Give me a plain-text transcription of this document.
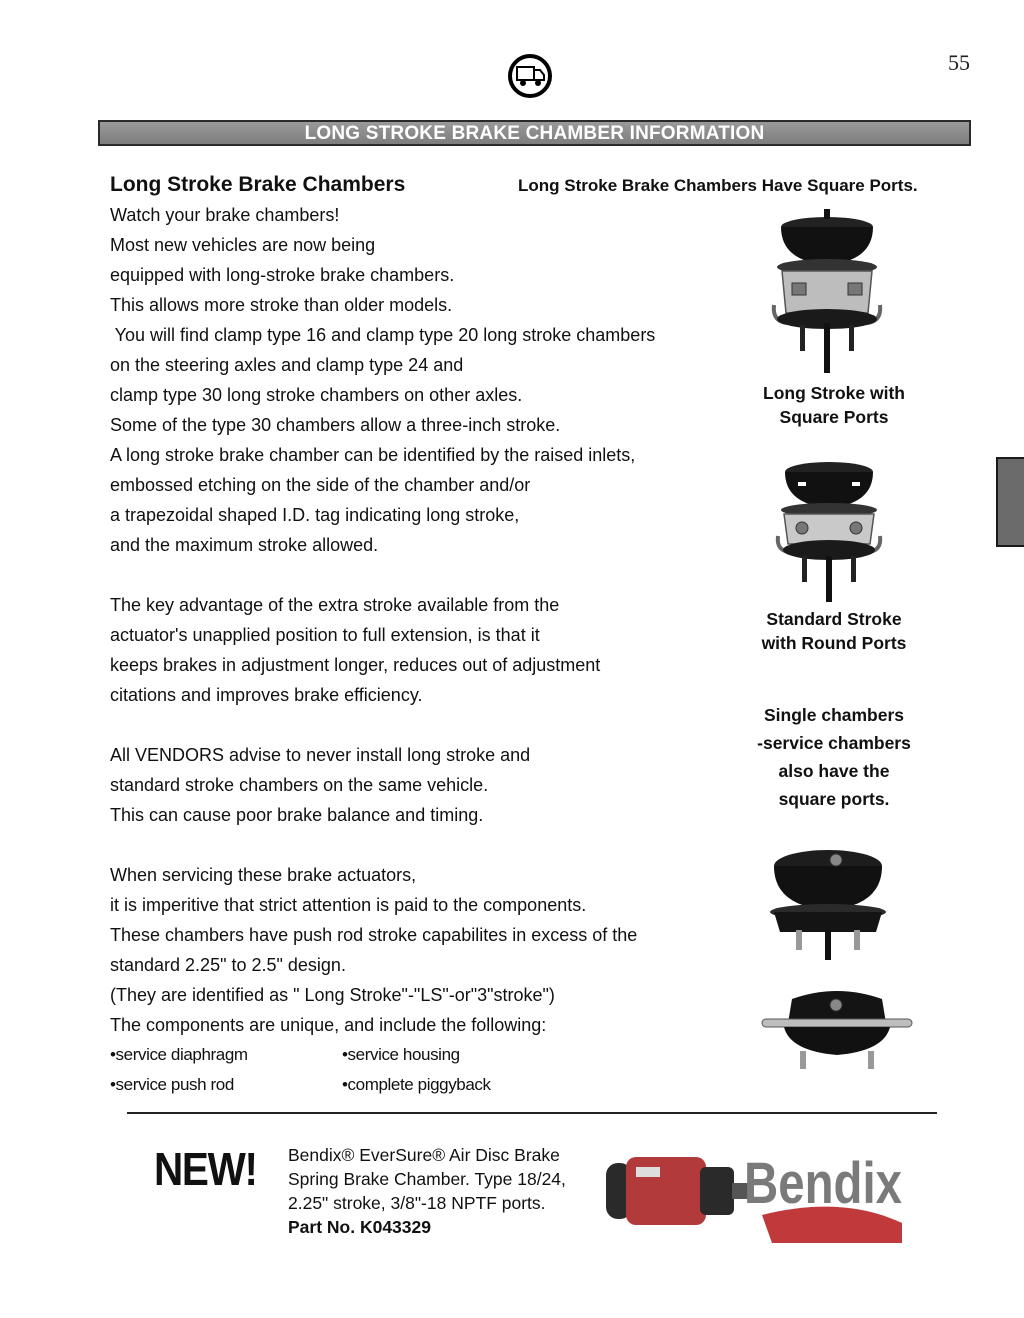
55
LONG STROKE BRAKE CHAMBER INFORMATION
Long Stroke Brake Chambers
Watch your brake chambers!
Most new vehicles are now being
equipped with long-stroke brake chambers.
This allows more stroke than older models.
You will find clamp type 16 and clamp type 20 long stroke chambers
on the steering axles and clamp type 24 and
clamp type 30 long stroke chambers on other axles.
Some of the type 30 chambers allow a three-inch stroke.
A long stroke brake chamber can be identified by the raised inlets,
embossed etching on the side of the chamber and/or
a trapezoidal shaped I.D. tag indicating long stroke,
and the maximum stroke allowed.
The key advantage of the extra stroke available from the
actuator's unapplied position to full extension, is that it
keeps brakes in adjustment longer, reduces out of adjustment
citations and improves brake efficiency.
All VENDORS advise to never install long stroke and
standard stroke chambers on the same vehicle.
This can cause poor brake balance and timing.
When servicing these brake actuators,
it is imperitive that strict attention is paid to the components.
These chambers have push rod stroke capabilites in excess of the
standard 2.25" to 2.5" design.
(They are identified as " Long Stroke"-"LS"-or"3"stroke")
The components are unique, and include the following:
•service diaphragm	•service housing
•service push rod	•complete piggyback
Long Stroke Brake Chambers Have Square Ports.
Long Stroke with
Square Ports
Standard Stroke
with Round Ports
Single chambers
-service chambers
also have the
square ports.
NEW! Bendix® EverSure® Air Disc Brake
Spring Brake Chamber. Type 18/24,
2.25" stroke, 3/8"-18 NPTF ports.
Part No. K043329
Bendix
